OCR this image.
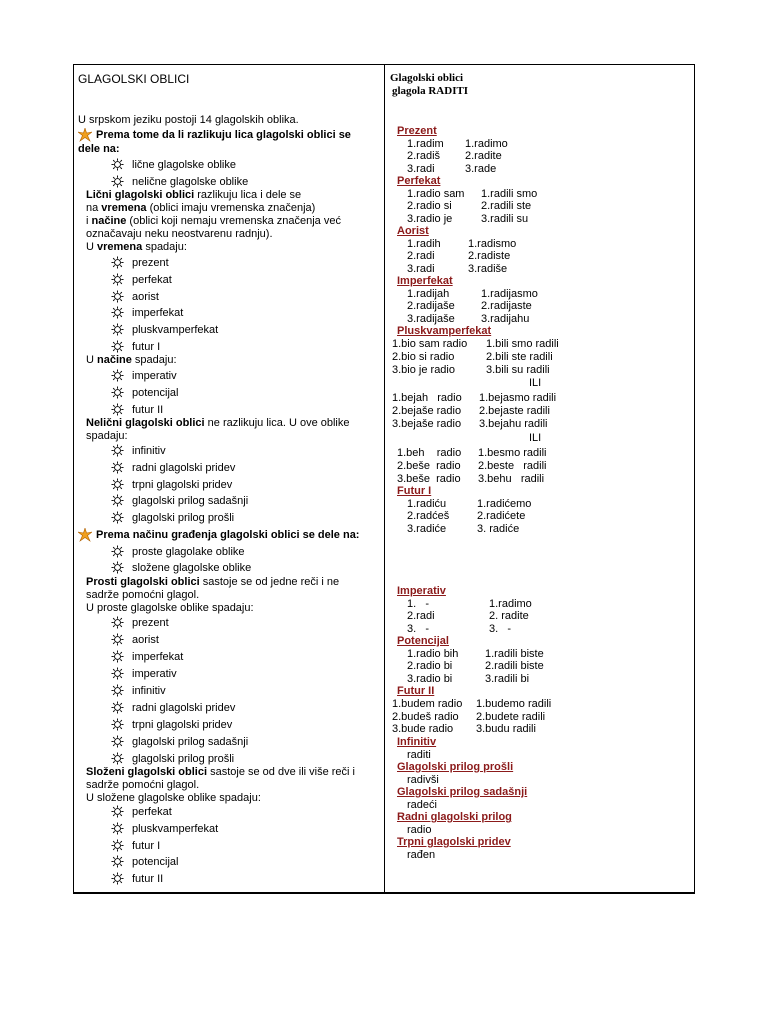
GLAGOLSKI OBLICI
U srpskom jeziku postoji 14 glagolskih oblika.
Prema tome da li razlikuju lica glagolski oblici se
dele na:
lične glagolske oblike
nelične glagolske oblike
Lični glagolski oblici razlikuju lica i dele se
na vremena (oblici imaju vremenska značenja)
i načine (oblici koji nemaju vremenska značenja već
označavaju neku neostvarenu radnju).
U vremena spadaju:
U načine spadaju:
Nelični glagolski oblici ne razlikuju lica. U ove oblike
spadaju:
Prema načinu građenja glagolski oblici se dele na:
Prosti glagolski oblici sastoje se od jedne reči i ne
sadrže pomoćni glagol.
U proste glagolske oblike spadaju:
Složeni glagolski oblici sastoje se od dve ili više reči i
sadrže pomoćni glagol.
U složene glagolske oblike spadaju:
Glagolski oblici
glagola RADITI
prezent
perfekat
aorist
imperfekat
pluskvamperfekat
futur I
imperativ
potencijal
futur II
infinitiv
radni glagolski pridev
trpni glagolski pridev
glagolski prilog sadašnji
glagolski prilog prošli
proste glagolake oblike
složene glagolske oblike
prezent
aorist
imperfekat
imperativ
infinitiv
radni glagolski pridev
trpni glagolski pridev
glagolski prilog sadašnji
glagolski prilog prošli
perfekat
pluskvamperfekat
futur I
potencijal
futur II
Prezent
1.radim 1.radimo
2.radiš 2.radite
3.radi	3.rade
Perfekat
1.radio sam 1.radili smo
2.radio si	2.radili ste
3.radio je	3.radili su
Aorist
1.radih 1.radismo
2.radi	2.radiste
3.radi	3.radiše
Imperfekat
1.radijah	1.radijasmo
2.radijaše 2.radijaste
3.radijaše 3.radijahu
Pluskvamperfekat
1.bio sam radio 1.bili smo radili
2.bio si radio	2.bili ste radili
3.bio je radio	3.bili su radili
ILI
1.bejah   radio 1.bejasmo radili
2.bejaše radio 2.bejaste radili
3.bejaše radio 3.bejahu radili
ILI
1.beh    radio 1.besmo radili
2.beše  radio 2.beste   radili
3.beše  radio 3.behu   radili
Futur I
1.radiću	1.radićemo
2.radćeš	2.radićete
3.radiće	3. radiće
Imperativ
1.   -	1.radimo
2.radi	2. radite
3.   -	3.   -
Potencijal
1.radio bih 1.radili biste
2.radio bi	2.radili biste
3.radio bi	3.radili bi
Futur II
1.budem radio 1.budemo radili
2.budeš radio 2.budete radili
3.bude radio 3.budu radili
Infinitiv
raditi
Glagolski prilog prošli
radivši
Glagolski prilog sadašnji
radeći
Radni glagolski prilog
radio
Trpni glagolski pridev
rađen
